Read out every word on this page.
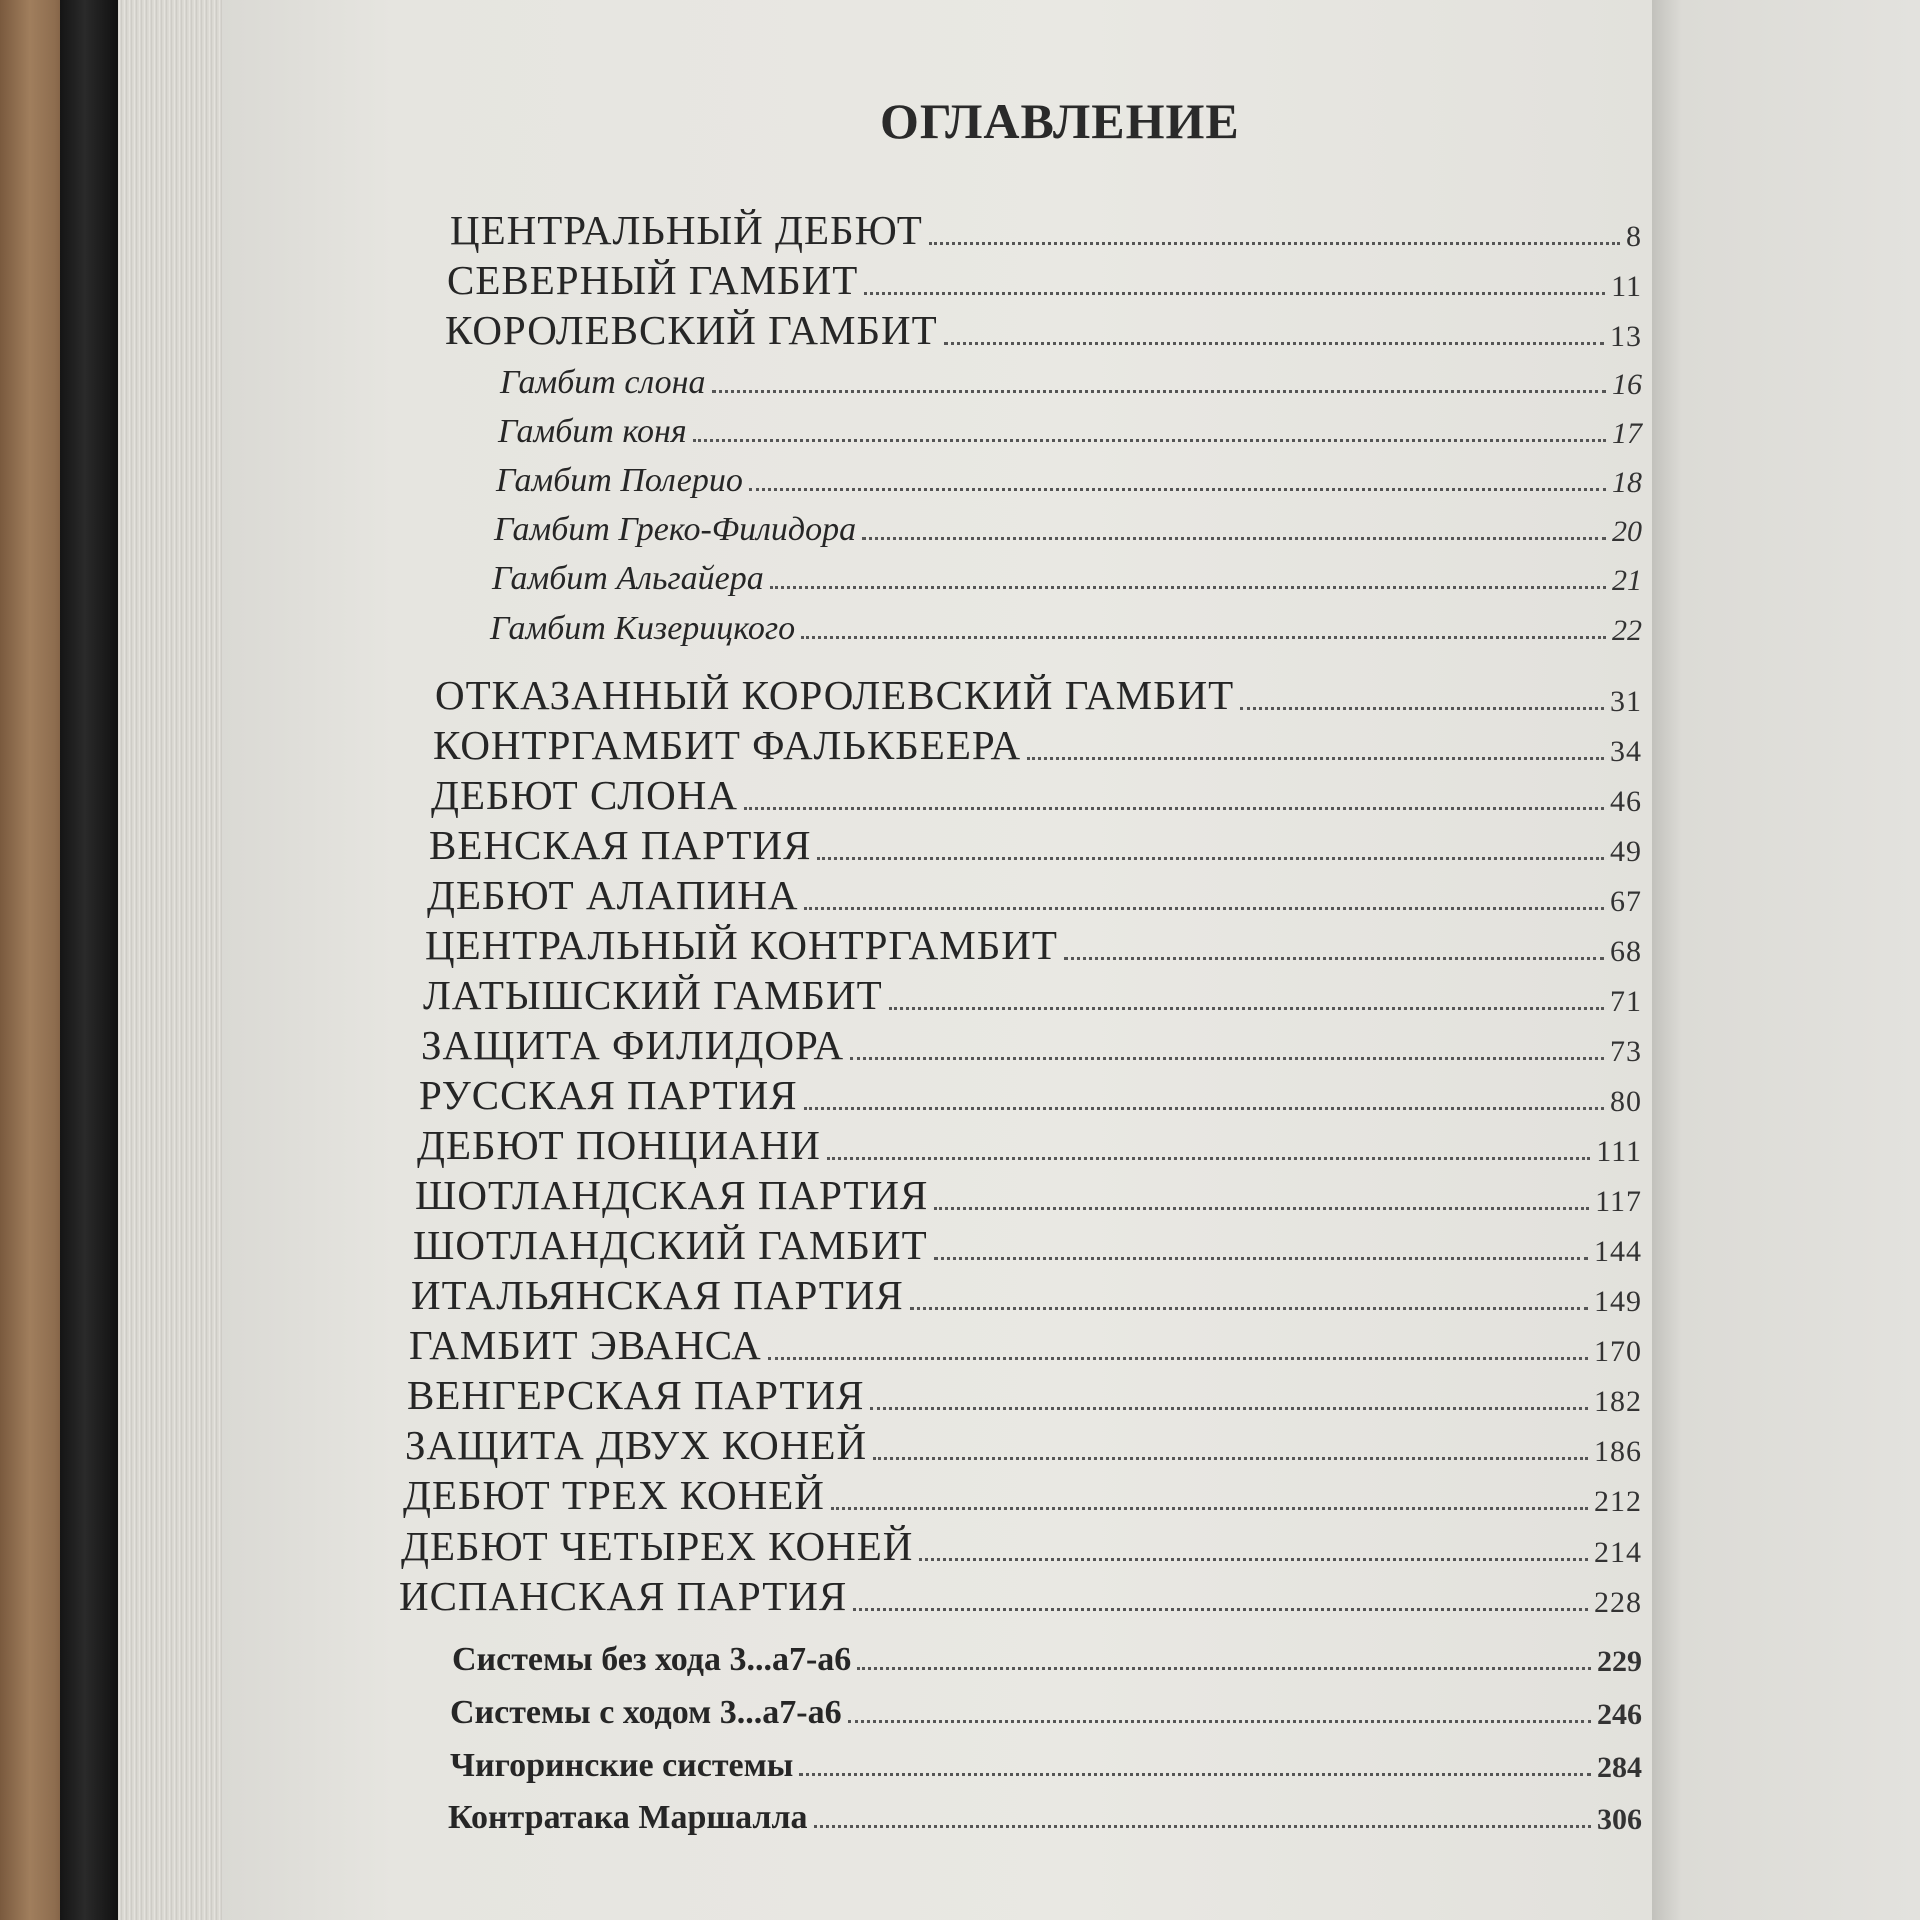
ОГЛАВЛЕНИЕ
ЦЕНТРАЛЬНЫЙ ДЕБЮТ	8
СЕВЕРНЫЙ ГАМБИТ	11
КОРОЛЕВСКИЙ ГАМБИТ	13
Гамбит слона	16
Гамбит коня	17
Гамбит Полерио	18
Гамбит Греко-Филидора	20
Гамбит Альгайера	21
Гамбит Кизерицкого	22
ОТКАЗАННЫЙ КОРОЛЕВСКИЙ ГАМБИТ	31
КОНТРГАМБИТ ФАЛЬКБЕЕРА	34
ДЕБЮТ СЛОНА	46
ВЕНСКАЯ ПАРТИЯ	49
ДЕБЮТ АЛАПИНА	67
ЦЕНТРАЛЬНЫЙ КОНТРГАМБИТ	68
ЛАТЫШСКИЙ ГАМБИТ	71
ЗАЩИТА ФИЛИДОРА	73
РУССКАЯ ПАРТИЯ	80
ДЕБЮТ ПОНЦИАНИ	111
ШОТЛАНДСКАЯ ПАРТИЯ	117
ШОТЛАНДСКИЙ ГАМБИТ	144
ИТАЛЬЯНСКАЯ ПАРТИЯ	149
ГАМБИТ ЭВАНСА	170
ВЕНГЕРСКАЯ ПАРТИЯ	182
ЗАЩИТА ДВУХ КОНЕЙ	186
ДЕБЮТ ТРЕХ КОНЕЙ	212
ДЕБЮТ ЧЕТЫРЕХ КОНЕЙ	214
ИСПАНСКАЯ ПАРТИЯ	228
Системы без хода 3...а7-а6	229
Системы с ходом 3...а7-а6	246
Чигоринские системы	284
Контратака Маршалла	306
